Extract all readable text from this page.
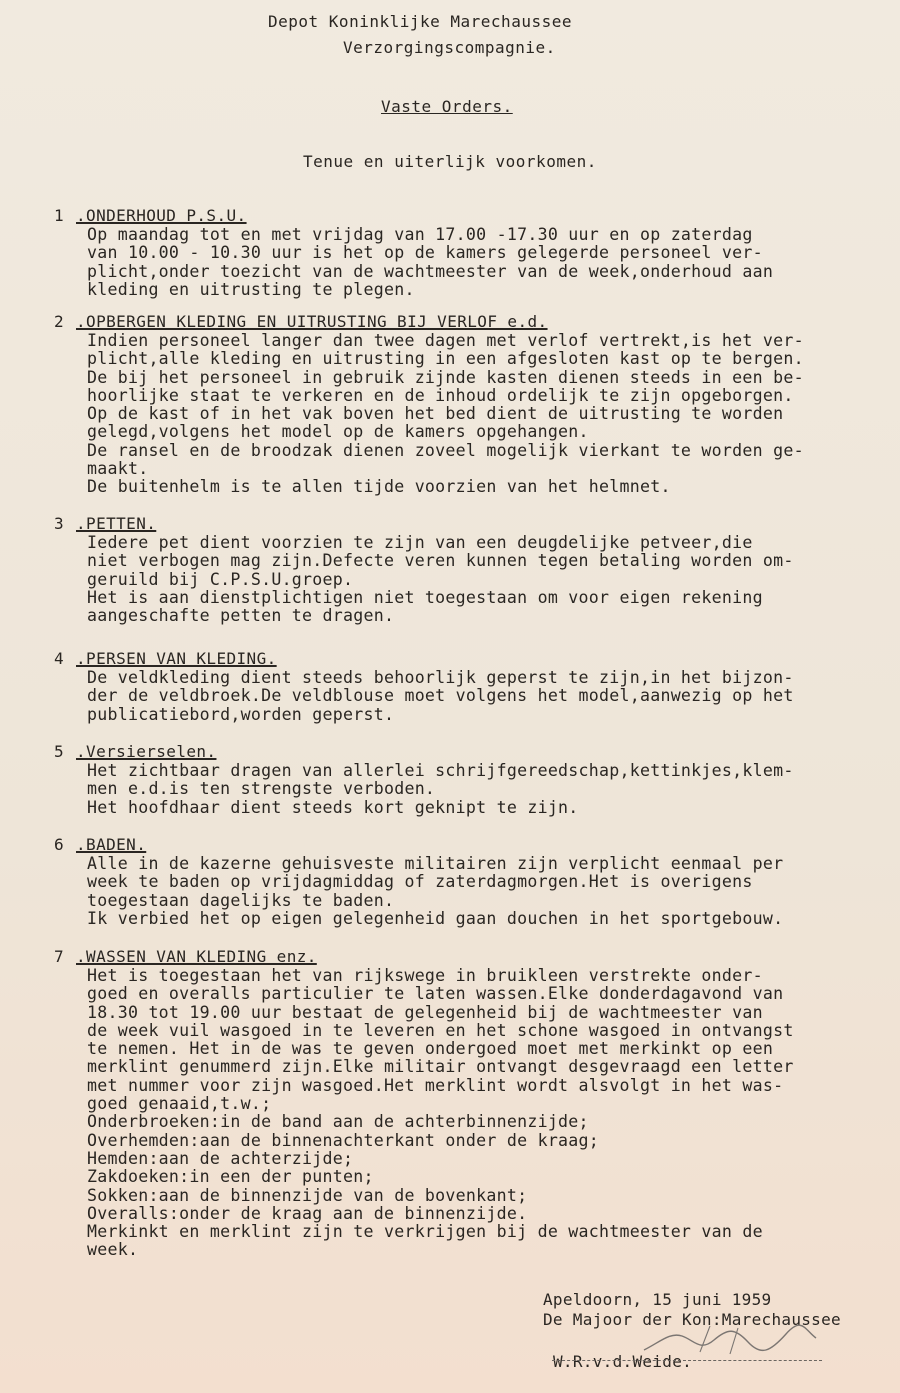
Depot Koninklijke Marechaussee
Verzorgingscompagnie.
Vaste Orders.
Tenue en uiterlijk voorkomen.
1 .ONDERHOUD P.S.U.
Op maandag tot en met vrijdag van 17.00 -17.30 uur en op zaterdag
van 10.00 - 10.30 uur is het op de kamers gelegerde personeel ver-
plicht,onder toezicht van de wachtmeester van de week,onderhoud aan
kleding en uitrusting te plegen.
2 .OPBERGEN KLEDING EN UITRUSTING BIJ VERLOF e.d.
Indien personeel langer dan twee dagen met verlof vertrekt,is het ver-
plicht,alle kleding en uitrusting in een afgesloten kast op te bergen.
De bij het personeel in gebruik zijnde kasten dienen steeds in een be-
hoorlijke staat te verkeren en de inhoud ordelijk te zijn opgeborgen.
Op de kast of in het vak boven het bed dient de uitrusting te worden
gelegd,volgens het model op de kamers opgehangen.
De ransel en de broodzak dienen zoveel mogelijk vierkant te worden ge-
maakt.
De buitenhelm is te allen tijde voorzien van het helmnet.
3 .PETTEN.
Iedere pet dient voorzien te zijn van een deugdelijke petveer,die
niet verbogen mag zijn.Defecte veren kunnen tegen betaling worden om-
geruild bij C.P.S.U.groep.
Het is aan dienstplichtigen niet toegestaan om voor eigen rekening
aangeschafte petten te dragen.
4 .PERSEN VAN KLEDING.
De veldkleding dient steeds behoorlijk geperst te zijn,in het bijzon-
der de veldbroek.De veldblouse moet volgens het model,aanwezig op het
publicatiebord,worden geperst.
5 .Versierselen.
Het zichtbaar dragen van allerlei schrijfgereedschap,kettinkjes,klem-
men e.d.is ten strengste verboden.
Het hoofdhaar dient steeds kort geknipt te zijn.
6 .BADEN.
Alle in de kazerne gehuisveste militairen zijn verplicht eenmaal per
week te baden op vrijdagmiddag of zaterdagmorgen.Het is overigens
toegestaan dagelijks te baden.
Ik verbied het op eigen gelegenheid gaan douchen in het sportgebouw.
7 .WASSEN VAN KLEDING enz.
Het is toegestaan het van rijkswege in bruikleen verstrekte onder-
goed en overalls particulier te laten wassen.Elke donderdagavond van
18.30 tot 19.00 uur bestaat de gelegenheid bij de wachtmeester van
de week vuil wasgoed in te leveren en het schone wasgoed in ontvangst
te nemen. Het in de was te geven ondergoed moet met merkinkt op een
merklint genummerd zijn.Elke militair ontvangt desgevraagd een letter
met nummer voor zijn wasgoed.Het merklint wordt alsvolgt in het was-
goed genaaid,t.w.;
Onderbroeken:in de band aan de achterbinnenzijde;
Overhemden:aan de binnenachterkant onder de kraag;
Hemden:aan de achterzijde;
Zakdoeken:in een der punten;
Sokken:aan de binnenzijde van de bovenkant;
Overalls:onder de kraag aan de binnenzijde.
Merkinkt en merklint zijn te verkrijgen bij de wachtmeester van de
week.
Apeldoorn, 15 juni 1959
De Majoor der Kon:Marechaussee
W.R.v.d.Weide.
